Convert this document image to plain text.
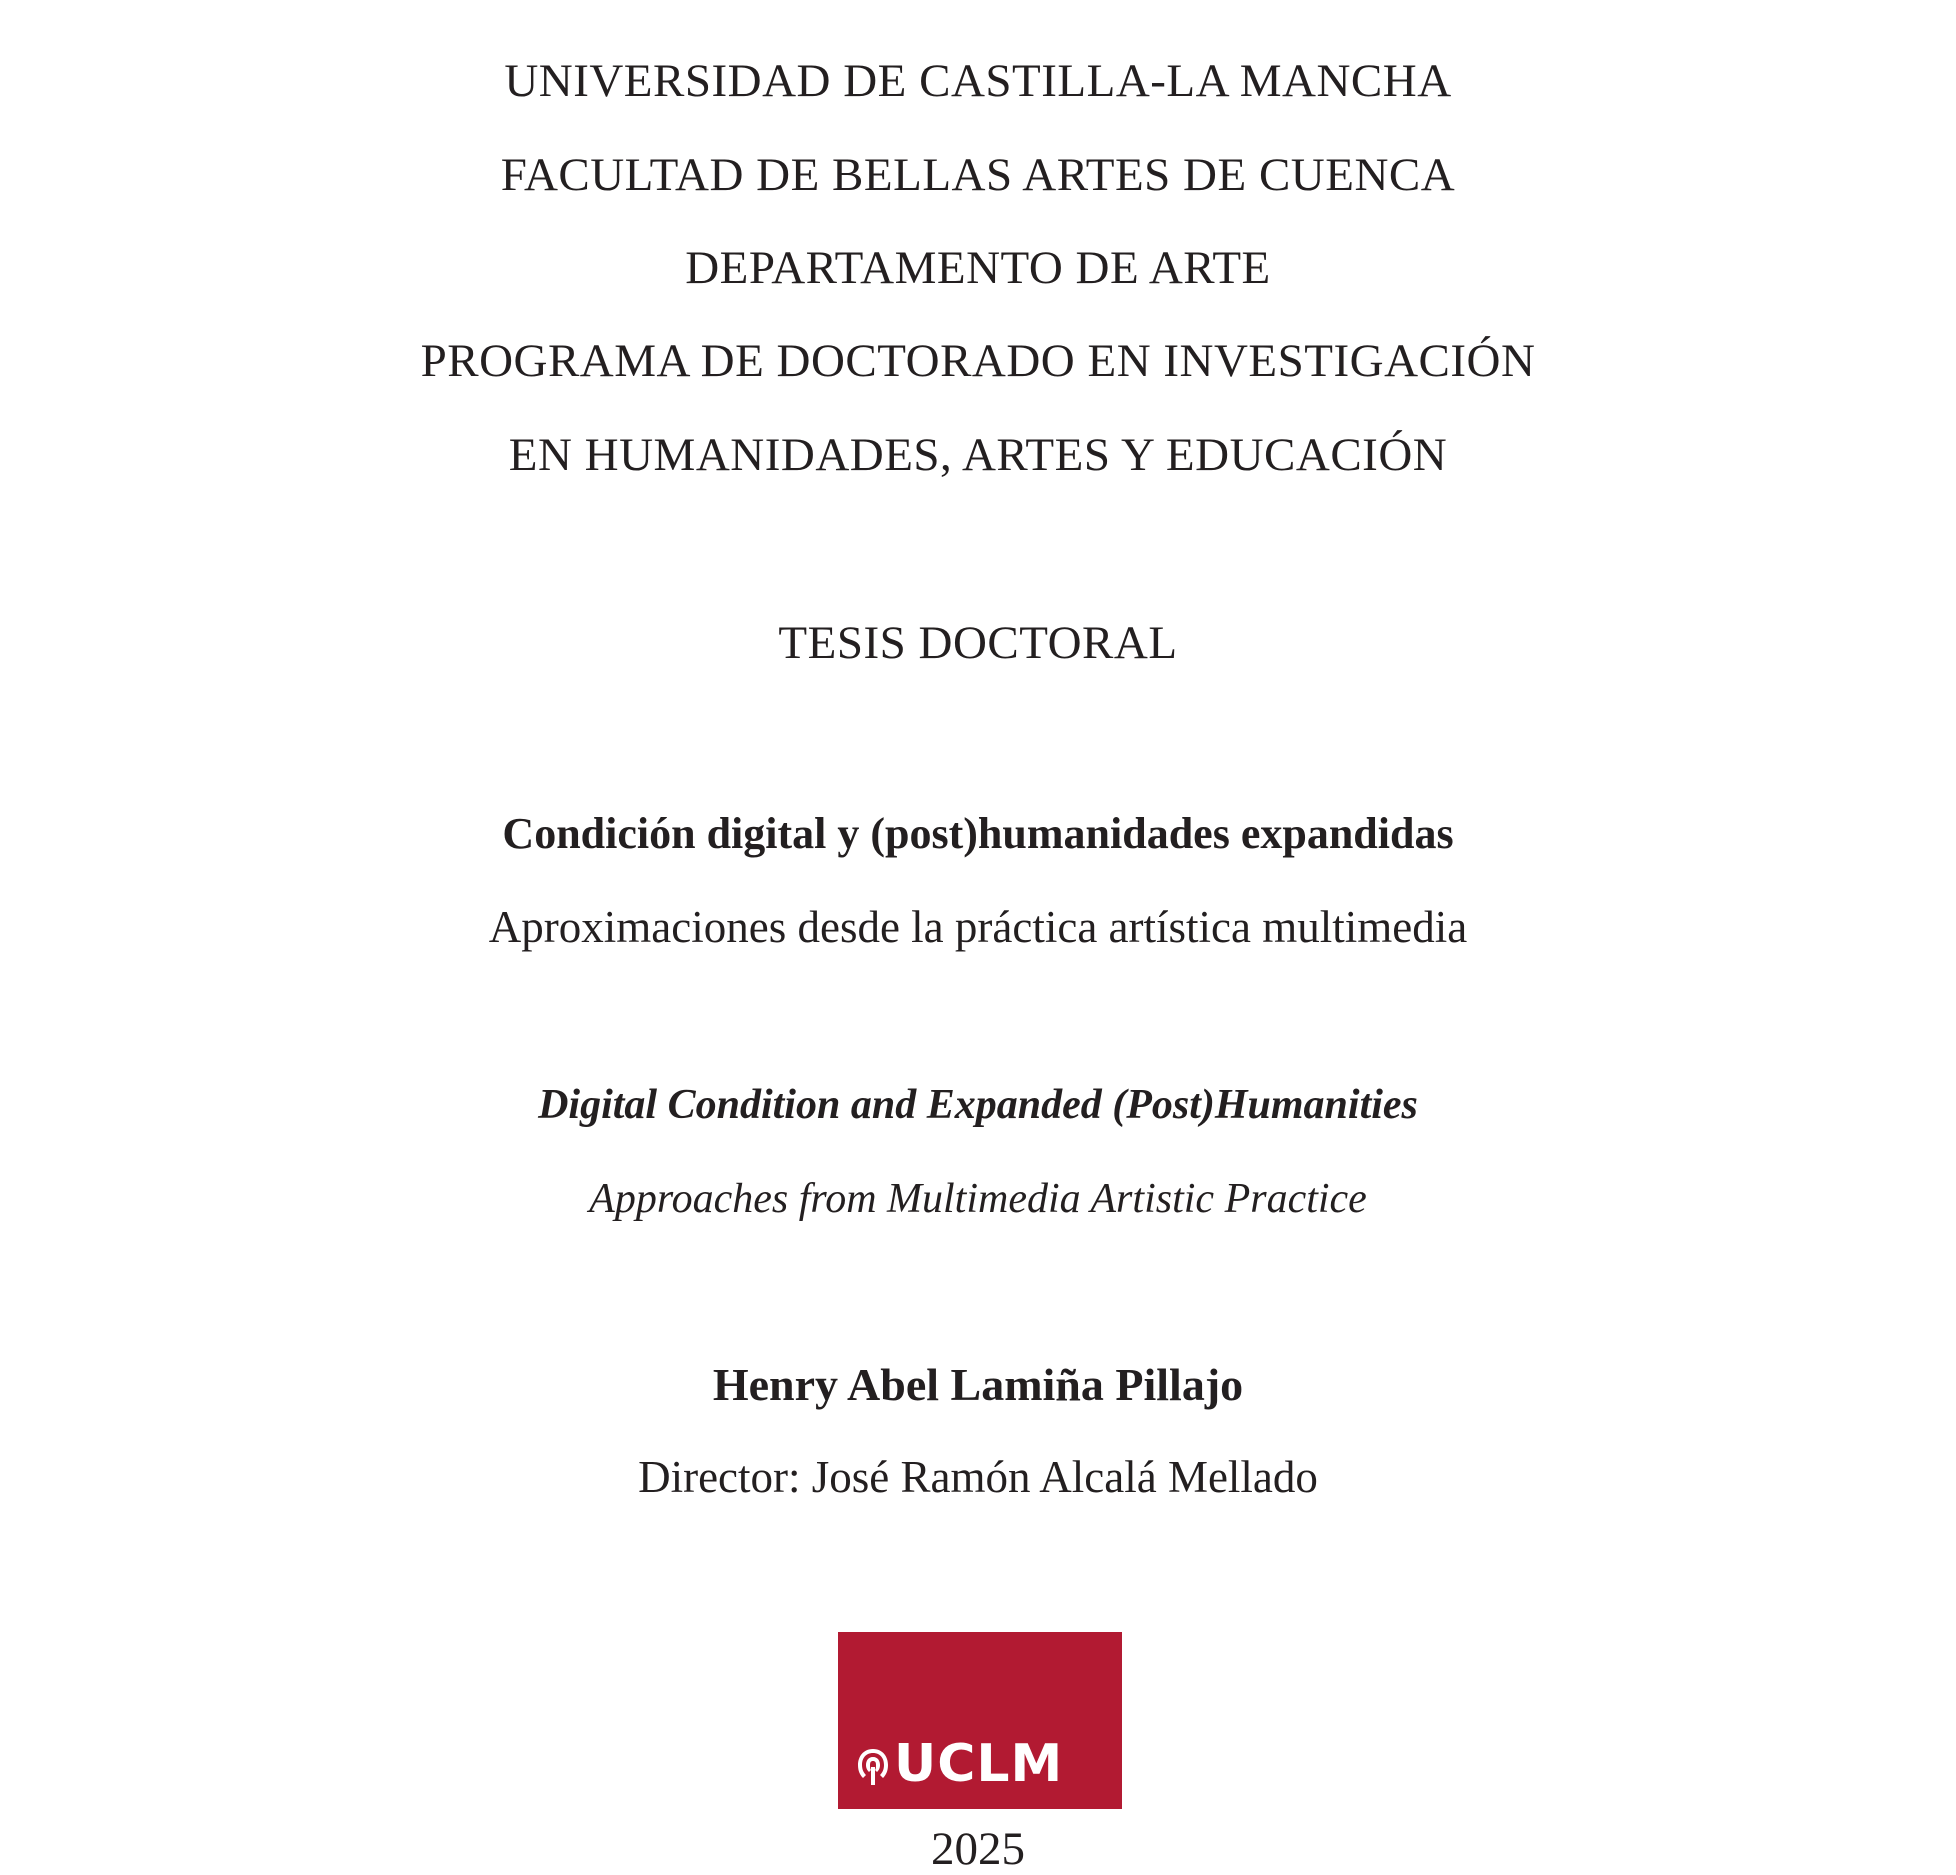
UNIVERSIDAD DE CASTILLA-LA MANCHA
FACULTAD DE BELLAS ARTES DE CUENCA
DEPARTAMENTO DE ARTE
PROGRAMA DE DOCTORADO EN INVESTIGACIÓN
EN HUMANIDADES, ARTES Y EDUCACIÓN
TESIS DOCTORAL
Condición digital y (post)humanidades expandidas
Aproximaciones desde la práctica artística multimedia
Digital Condition and Expanded (Post)Humanities
Approaches from Multimedia Artistic Practice
Henry Abel Lamiña Pillajo
Director: José Ramón Alcalá Mellado
UCLM
2025
